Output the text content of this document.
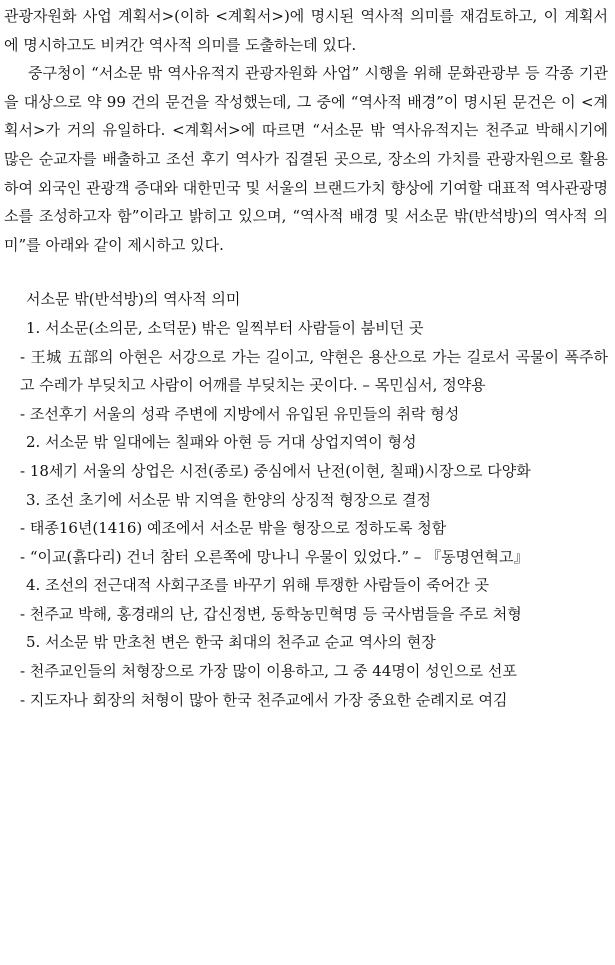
관광자원화 사업 계획서>(이하 <계획서>)에 명시된 역사적 의미를 재검토하고, 이 계획서에 명시하고도 비켜간 역사적 의미를 도출하는데 있다.

중구청이 “서소문 밖 역사유적지 관광자원화 사업” 시행을 위해 문화관광부 등 각종 기관을 대상으로 약 99 건의 문건을 작성했는데, 그 중에 “역사적 배경”이 명시된 문건은 이 <계획서>가 거의 유일하다. <계획서>에 따르면 “서소문 밖 역사유적지는 천주교 박해시기에 많은 순교자를 배출하고 조선 후기 역사가 집결된 곳으로, 장소의 가치를 관광자원으로 활용하여 외국인 관광객 증대와 대한민국 및 서울의 브랜드가치 향상에 기여할 대표적 역사관광명소를 조성하고자 함”이라고 밝히고 있으며, “역사적 배경 및 서소문 밖(반석방)의 역사적 의미”를 아래와 같이 제시하고 있다.

서소문 밖(반석방)의 역사적 의미

1. 서소문(소의문, 소덕문) 밖은 일찍부터 사람들이 붐비던 곳

- 王城 五部의 아현은 서강으로 가는 길이고, 약현은 용산으로 가는 길로서 곡물이 폭주하고 수레가 부딪치고 사람이 어깨를 부딪치는 곳이다. – 목민심서, 정약용

- 조선후기 서울의 성곽 주변에 지방에서 유입된 유민들의 취락 형성

2. 서소문 밖 일대에는 칠패와 아현 등 거대 상업지역이 형성

- 18세기 서울의 상업은 시전(종로) 중심에서 난전(이현, 칠패)시장으로 다양화

3. 조선 초기에 서소문 밖 지역을 한양의 상징적 형장으로 결정

- 태종16년(1416) 예조에서 서소문 밖을 형장으로 정하도록 청함

- “이교(흙다리) 건너 참터 오른쪽에 망나니 우물이 있었다.” – 『동명연혁고』

4. 조선의 전근대적 사회구조를 바꾸기 위해 투쟁한 사람들이 죽어간 곳

- 천주교 박해, 홍경래의 난, 갑신정변, 동학농민혁명 등 국사범들을 주로 처형

5. 서소문 밖 만초천 변은 한국 최대의 천주교 순교 역사의 현장

- 천주교인들의 처형장으로 가장 많이 이용하고, 그 중 44명이 성인으로 선포

- 지도자나 회장의 처형이 많아 한국 천주교에서 가장 중요한 순례지로 여김
